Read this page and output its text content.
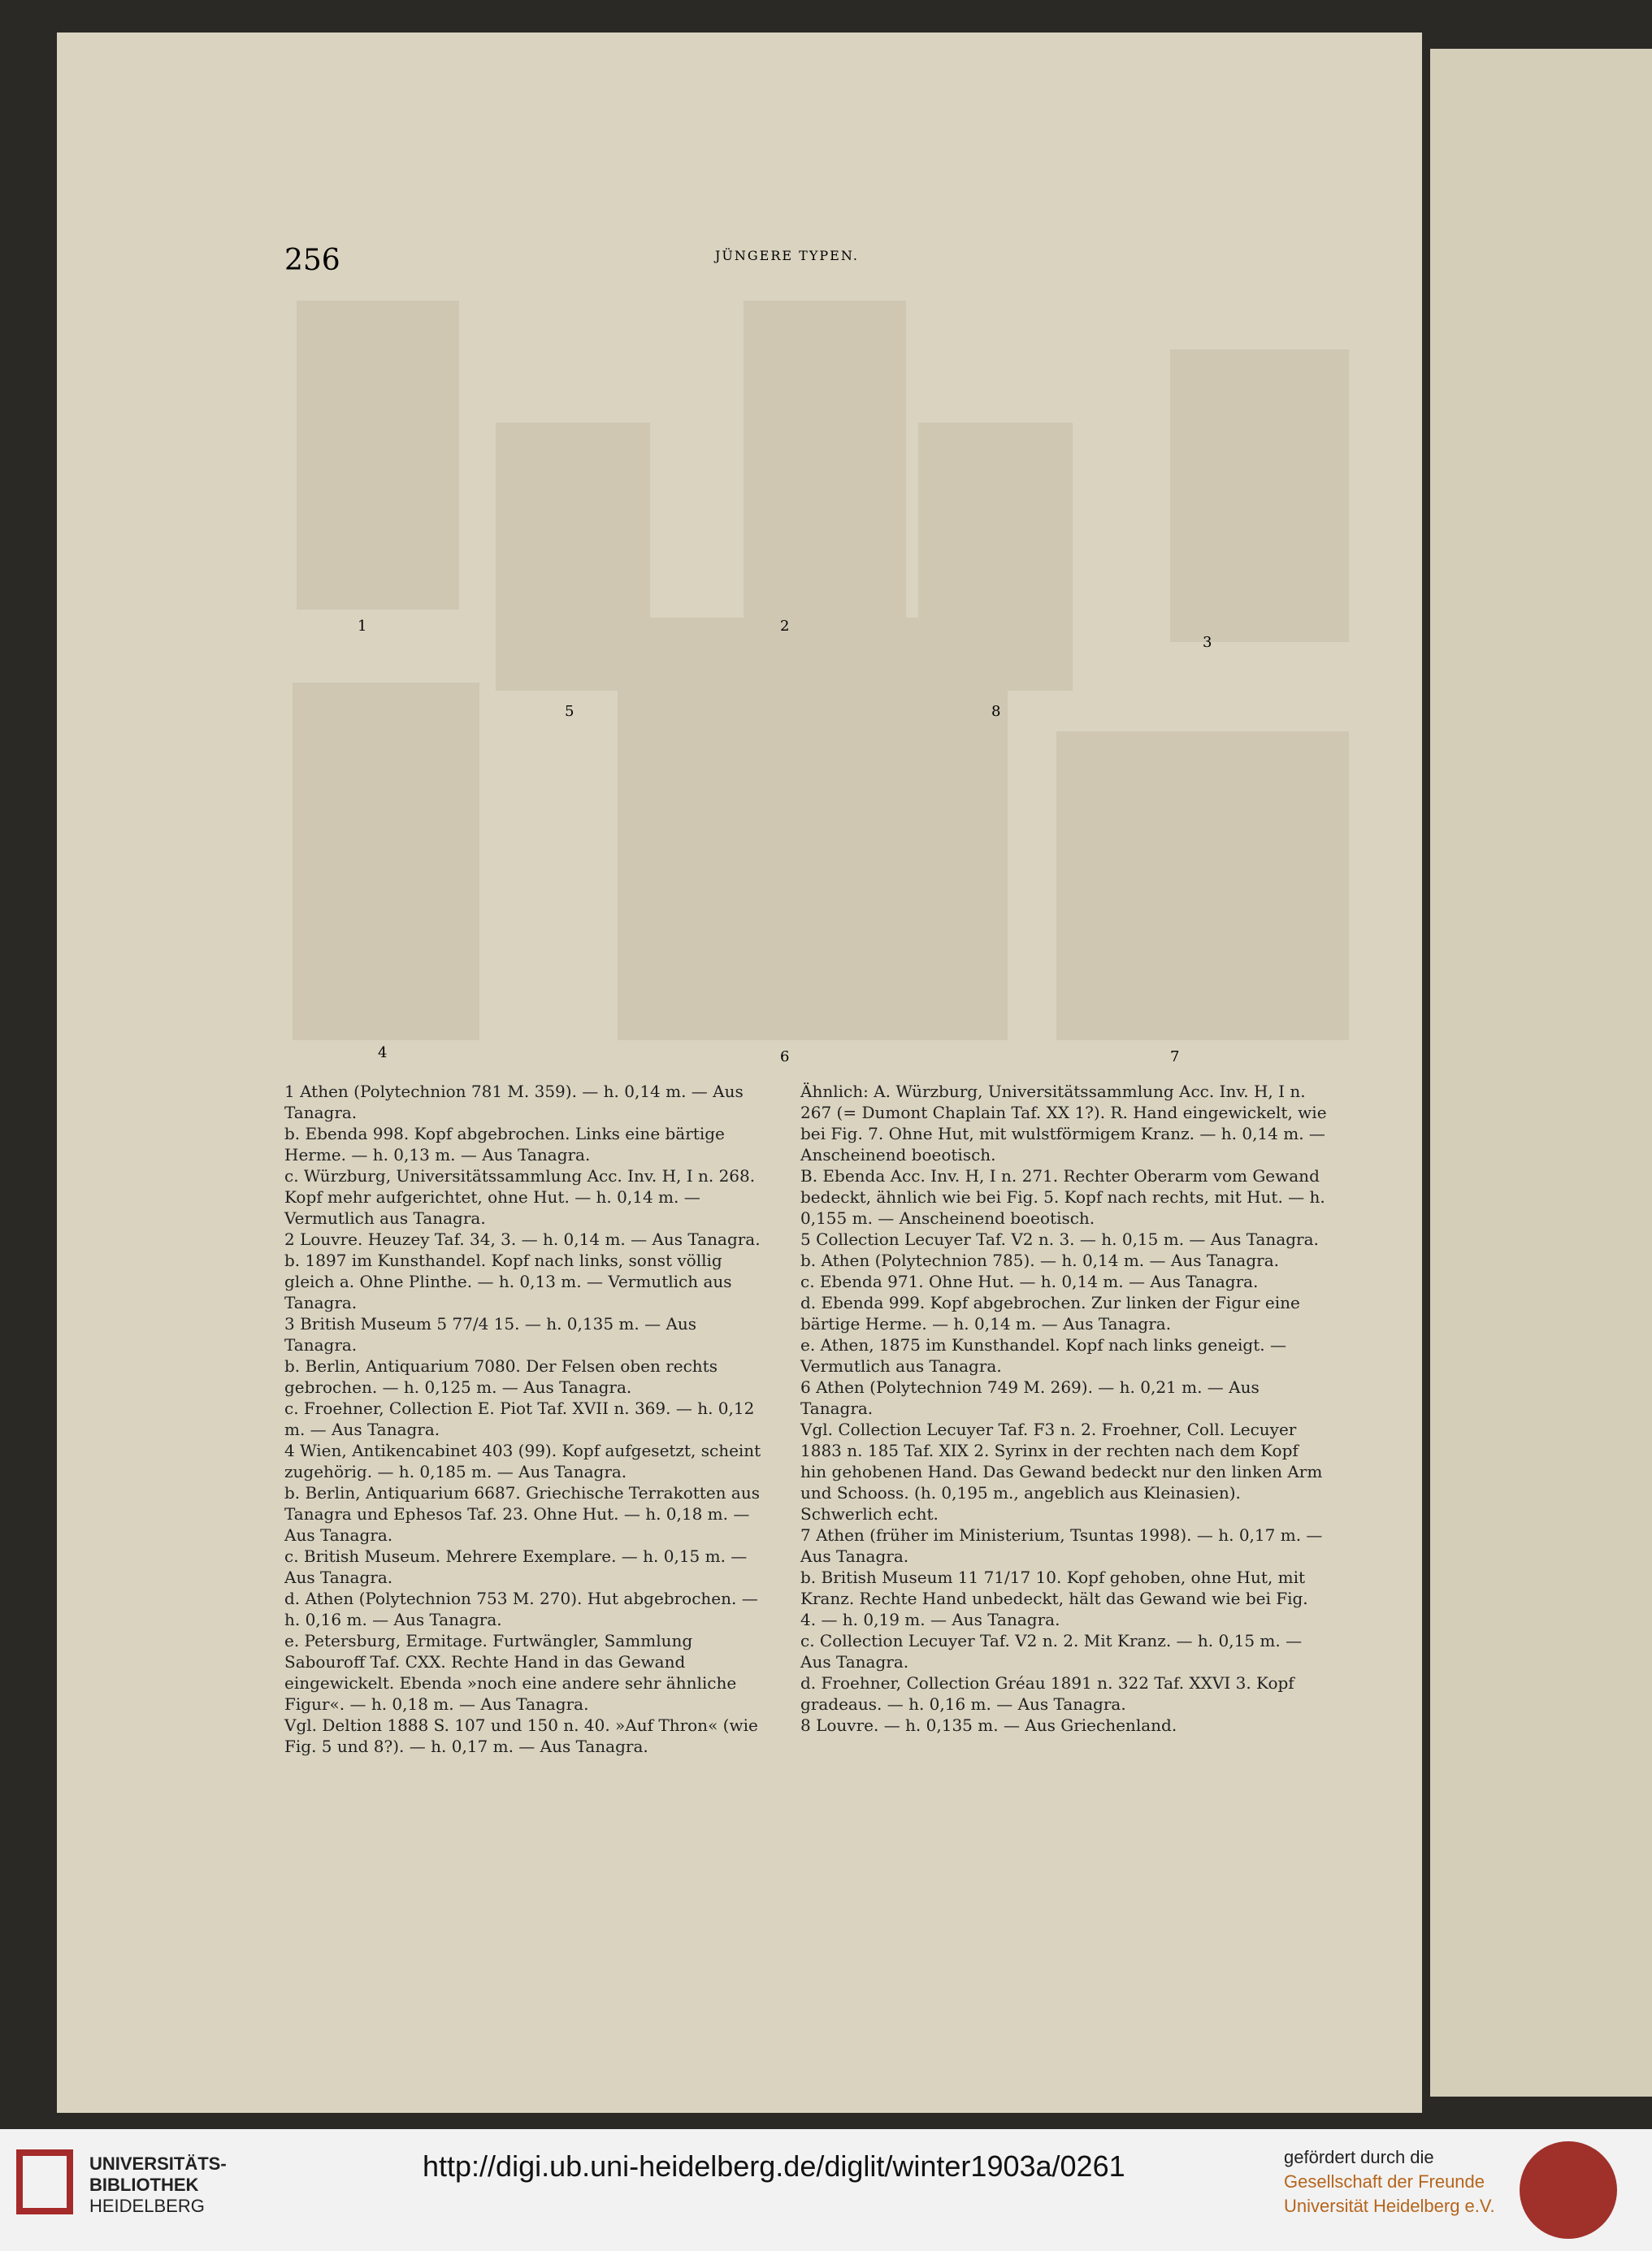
256	JÜNGERE TYPEN.
1	2
3
5	8
4	6	7
1 Athen (Polytechnion 781 M. 359). — h. 0,14 m. — Aus Tanagra.
b. Ebenda 998. Kopf abgebrochen. Links eine bärtige Herme. — h. 0,13 m. — Aus Tanagra.
c. Würzburg, Universitätssammlung Acc. Inv. H, I n. 268. Kopf mehr aufgerichtet, ohne Hut. — h. 0,14 m. — Vermutlich aus Tanagra.
2 Louvre. Heuzey Taf. 34, 3. — h. 0,14 m. — Aus Tanagra.
b. 1897 im Kunsthandel. Kopf nach links, sonst völlig gleich a. Ohne Plinthe. — h. 0,13 m. — Vermutlich aus Tanagra.
3 British Museum 5 77/4 15. — h. 0,135 m. — Aus Tanagra.
b. Berlin, Antiquarium 7080. Der Felsen oben rechts gebrochen. — h. 0,125 m. — Aus Tanagra.
c. Froehner, Collection E. Piot Taf. XVII n. 369. — h. 0,12 m. — Aus Tanagra.
4 Wien, Antikencabinet 403 (99). Kopf aufgesetzt, scheint zugehörig. — h. 0,185 m. — Aus Tanagra.
b. Berlin, Antiquarium 6687. Griechische Terrakotten aus Tanagra und Ephesos Taf. 23. Ohne Hut. — h. 0,18 m. — Aus Tanagra.
c. British Museum. Mehrere Exemplare. — h. 0,15 m. — Aus Tanagra.
d. Athen (Polytechnion 753 M. 270). Hut abgebrochen. — h. 0,16 m. — Aus Tanagra.
e. Petersburg, Ermitage. Furtwängler, Sammlung Sabouroff Taf. CXX. Rechte Hand in das Gewand eingewickelt. Ebenda »noch eine andere sehr ähnliche Figur«. — h. 0,18 m. — Aus Tanagra.
Vgl. Deltion 1888 S. 107 und 150 n. 40. »Auf Thron« (wie Fig. 5 und 8?). — h. 0,17 m. — Aus Tanagra.
Ähnlich: A. Würzburg, Universitätssammlung Acc. Inv. H, I n. 267 (= Dumont Chaplain Taf. XX 1?). R. Hand eingewickelt, wie bei Fig. 7. Ohne Hut, mit wulstförmigem Kranz. — h. 0,14 m. — Anscheinend boeotisch.
B. Ebenda Acc. Inv. H, I n. 271. Rechter Oberarm vom Gewand bedeckt, ähnlich wie bei Fig. 5. Kopf nach rechts, mit Hut. — h. 0,155 m. — Anscheinend boeotisch.
5 Collection Lecuyer Taf. V2 n. 3. — h. 0,15 m. — Aus Tanagra.
b. Athen (Polytechnion 785). — h. 0,14 m. — Aus Tanagra.
c. Ebenda 971. Ohne Hut. — h. 0,14 m. — Aus Tanagra.
d. Ebenda 999. Kopf abgebrochen. Zur linken der Figur eine bärtige Herme. — h. 0,14 m. — Aus Tanagra.
e. Athen, 1875 im Kunsthandel. Kopf nach links geneigt. — Vermutlich aus Tanagra.
6 Athen (Polytechnion 749 M. 269). — h. 0,21 m. — Aus Tanagra.
Vgl. Collection Lecuyer Taf. F3 n. 2. Froehner, Coll. Lecuyer 1883 n. 185 Taf. XIX 2. Syrinx in der rechten nach dem Kopf hin gehobenen Hand. Das Gewand bedeckt nur den linken Arm und Schooss. (h. 0,195 m., angeblich aus Kleinasien). Schwerlich echt.
7 Athen (früher im Ministerium, Tsuntas 1998). — h. 0,17 m. — Aus Tanagra.
b. British Museum 11 71/17 10. Kopf gehoben, ohne Hut, mit Kranz. Rechte Hand unbedeckt, hält das Gewand wie bei Fig. 4. — h. 0,19 m. — Aus Tanagra.
c. Collection Lecuyer Taf. V2 n. 2. Mit Kranz. — h. 0,15 m. — Aus Tanagra.
d. Froehner, Collection Gréau 1891 n. 322 Taf. XXVI 3. Kopf gradeaus. — h. 0,16 m. — Aus Tanagra.
8 Louvre. — h. 0,135 m. — Aus Griechenland.
UNIVERSITÄTS-
BIBLIOTHEK
HEIDELBERG
gefördert durch die
Gesellschaft der Freunde
Universität Heidelberg e.V.
http://digi.ub.uni-heidelberg.de/diglit/winter1903a/0261
